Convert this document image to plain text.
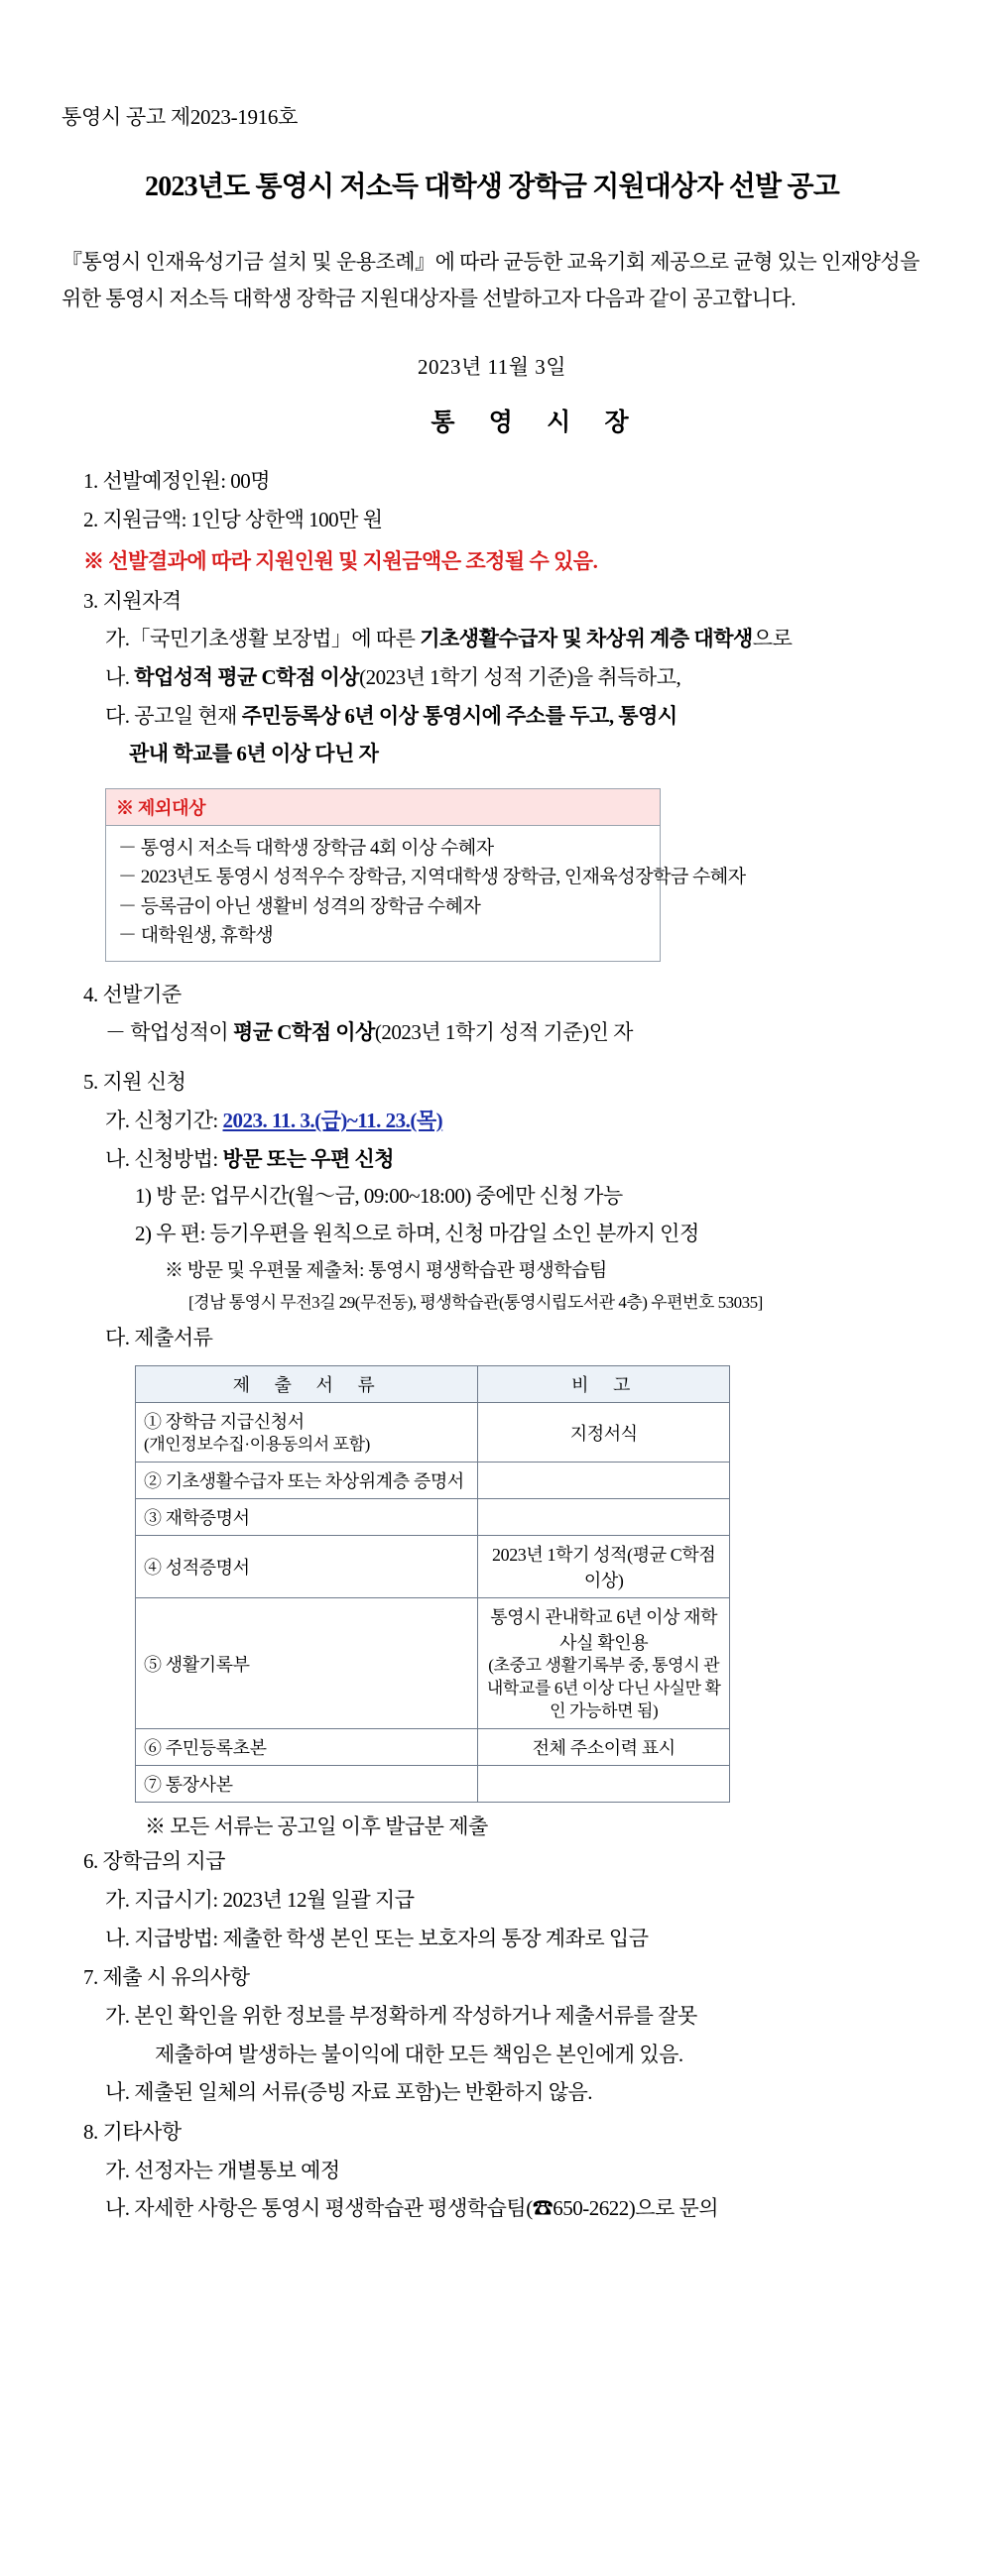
통영시 공고 제2023-1916호
2023년도 통영시 저소득 대학생 장학금 지원대상자 선발 공고
『통영시 인재육성기금 설치 및 운용조례』에 따라 균등한 교육기회 제공으로 균형 있는 인재양성을 위한 통영시 저소득 대학생 장학금 지원대상자를 선발하고자 다음과 같이 공고합니다.
2023년 11월 3일
통 영 시 장
1. 선발예정인원: 00명
2. 지원금액: 1인당 상한액 100만 원
※ 선발결과에 따라 지원인원 및 지원금액은 조정될 수 있음.
3. 지원자격
가.「국민기초생활 보장법」에 따른 기초생활수급자 및 차상위 계층 대학생으로
나. 학업성적 평균 C학점 이상(2023년 1학기 성적 기준)을 취득하고,
다. 공고일 현재 주민등록상 6년 이상 통영시에 주소를 두고, 통영시
관내 학교를 6년 이상 다닌 자
※ 제외대상
－ 통영시 저소득 대학생 장학금 4회 이상 수혜자
－ 2023년도 통영시 성적우수 장학금, 지역대학생 장학금, 인재육성장학금 수혜자
－ 등록금이 아닌 생활비 성격의 장학금 수혜자
－ 대학원생, 휴학생
4. 선발기준
－ 학업성적이 평균 C학점 이상(2023년 1학기 성적 기준)인 자
5. 지원 신청
가. 신청기간: 2023. 11. 3.(금)~11. 23.(목)
나. 신청방법: 방문 또는 우편 신청
1) 방 문: 업무시간(월～금, 09:00~18:00) 중에만 신청 가능
2) 우 편: 등기우편을 원칙으로 하며, 신청 마감일 소인 분까지 인정
※ 방문 및 우편물 제출처: 통영시 평생학습관 평생학습팀
[경남 통영시 무전3길 29(무전동), 평생학습관(통영시립도서관 4층) 우편번호 53035]
다. 제출서류
제 출 서 류	비 고
① 장학금 지급신청서
(개인정보수집·이용동의서 포함)	지정서식
② 기초생활수급자 또는 차상위계층 증명서	
③ 재학증명서	
④ 성적증명서	2023년 1학기 성적(평균 C학점 이상)
⑤ 생활기록부	통영시 관내학교 6년 이상 재학 사실 확인용
(초중고 생활기록부 중, 통영시 관내학교를 6년 이상 다닌 사실만 확인 가능하면 됨)

⑥ 주민등록초본	전체 주소이력 표시
⑦ 통장사본	
※ 모든 서류는 공고일 이후 발급분 제출
6. 장학금의 지급
가. 지급시기: 2023년 12월 일괄 지급
나. 지급방법: 제출한 학생 본인 또는 보호자의 통장 계좌로 입금
7. 제출 시 유의사항
가. 본인 확인을 위한 정보를 부정확하게 작성하거나 제출서류를 잘못
제출하여 발생하는 불이익에 대한 모든 책임은 본인에게 있음.
나. 제출된 일체의 서류(증빙 자료 포함)는 반환하지 않음.
8. 기타사항
가. 선정자는 개별통보 예정
나. 자세한 사항은 통영시 평생학습관 평생학습팀(☎650-2622)으로 문의
